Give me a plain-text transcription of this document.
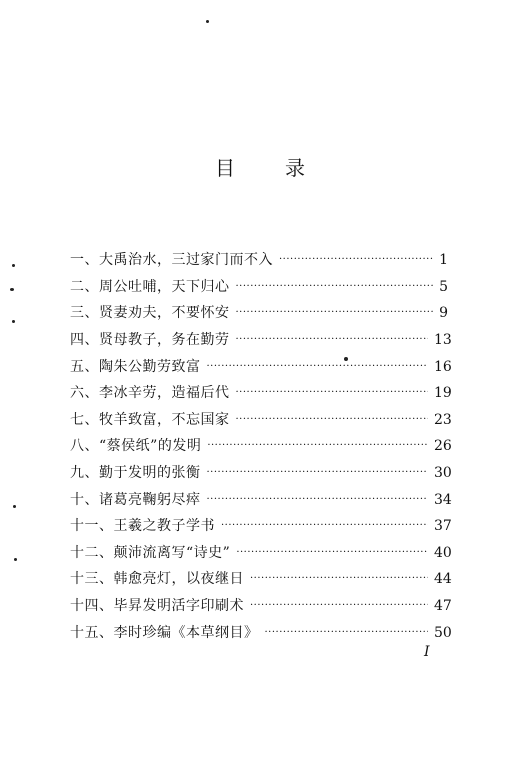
目	录
一、大禹治水，三过家门而不入 ·····	1
二、周公吐哺，天下归心 ·····	5
三、贤妻劝夫，不要怀安 ·····	9
四、贤母教子，务在勤劳 ·····	13
五、陶朱公勤劳致富 ·····	16
六、李冰辛劳，造福后代 ·····	19
七、牧羊致富，不忘国家 ·····	23
八、“蔡侯纸”的发明 ·····	26
九、勤于发明的张衡 ·····	30
十、诸葛亮鞠躬尽瘁 ·····	34
十一、王羲之教子学书 ·····	37
十二、颠沛流离写“诗史” ·····	40
十三、韩愈亮灯，以夜继日 ·····	44
十四、毕昇发明活字印刷术 ·····	47
十五、李时珍编《本草纲目》 ·····	50
I
